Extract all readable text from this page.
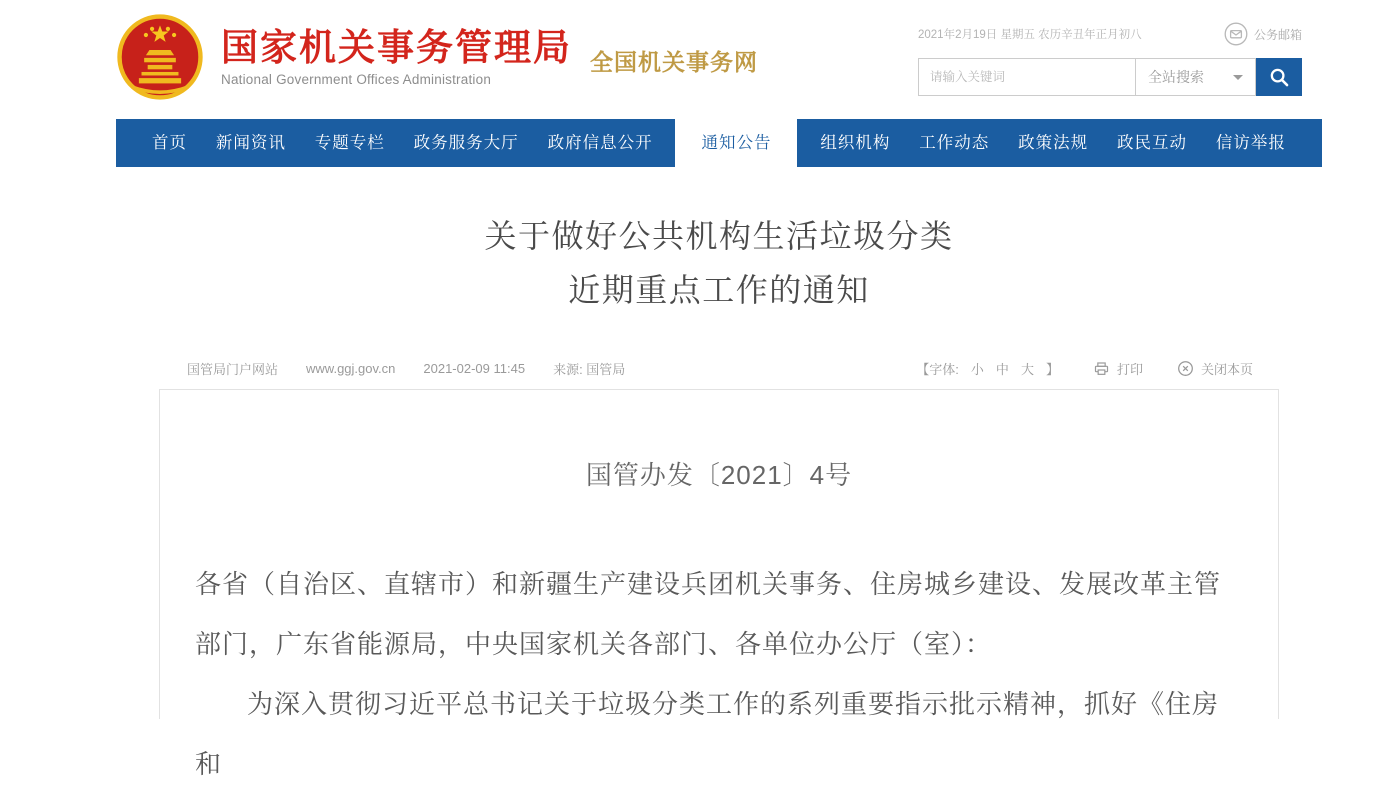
国家机关事务管理局
National Government Offices Administration
全国机关事务网
2021年2月19日 星期五 农历辛丑年正月初八	公务邮箱
请输入关键词
全站搜索
首页	新闻资讯	专题专栏	政务服务大厅	政府信息公开	通知公告	组织机构	工作动态	政策法规	政民互动	信访举报
关于做好公共机构生活垃圾分类
近期重点工作的通知
国管局门户网站 www.ggj.gov.cn 2021-02-09 11:45 来源: 国管局	【字体: 小 中 大 】	打印	关闭本页
国管办发〔2021〕4号

各省（自治区、直辖市）和新疆生产建设兵团机关事务、住房城乡建设、发展改革主管部门，广东省能源局，中央国家机关各部门、各单位办公厅（室）：

为深入贯彻习近平总书记关于垃圾分类工作的系列重要指示批示精神，抓好《住房和
